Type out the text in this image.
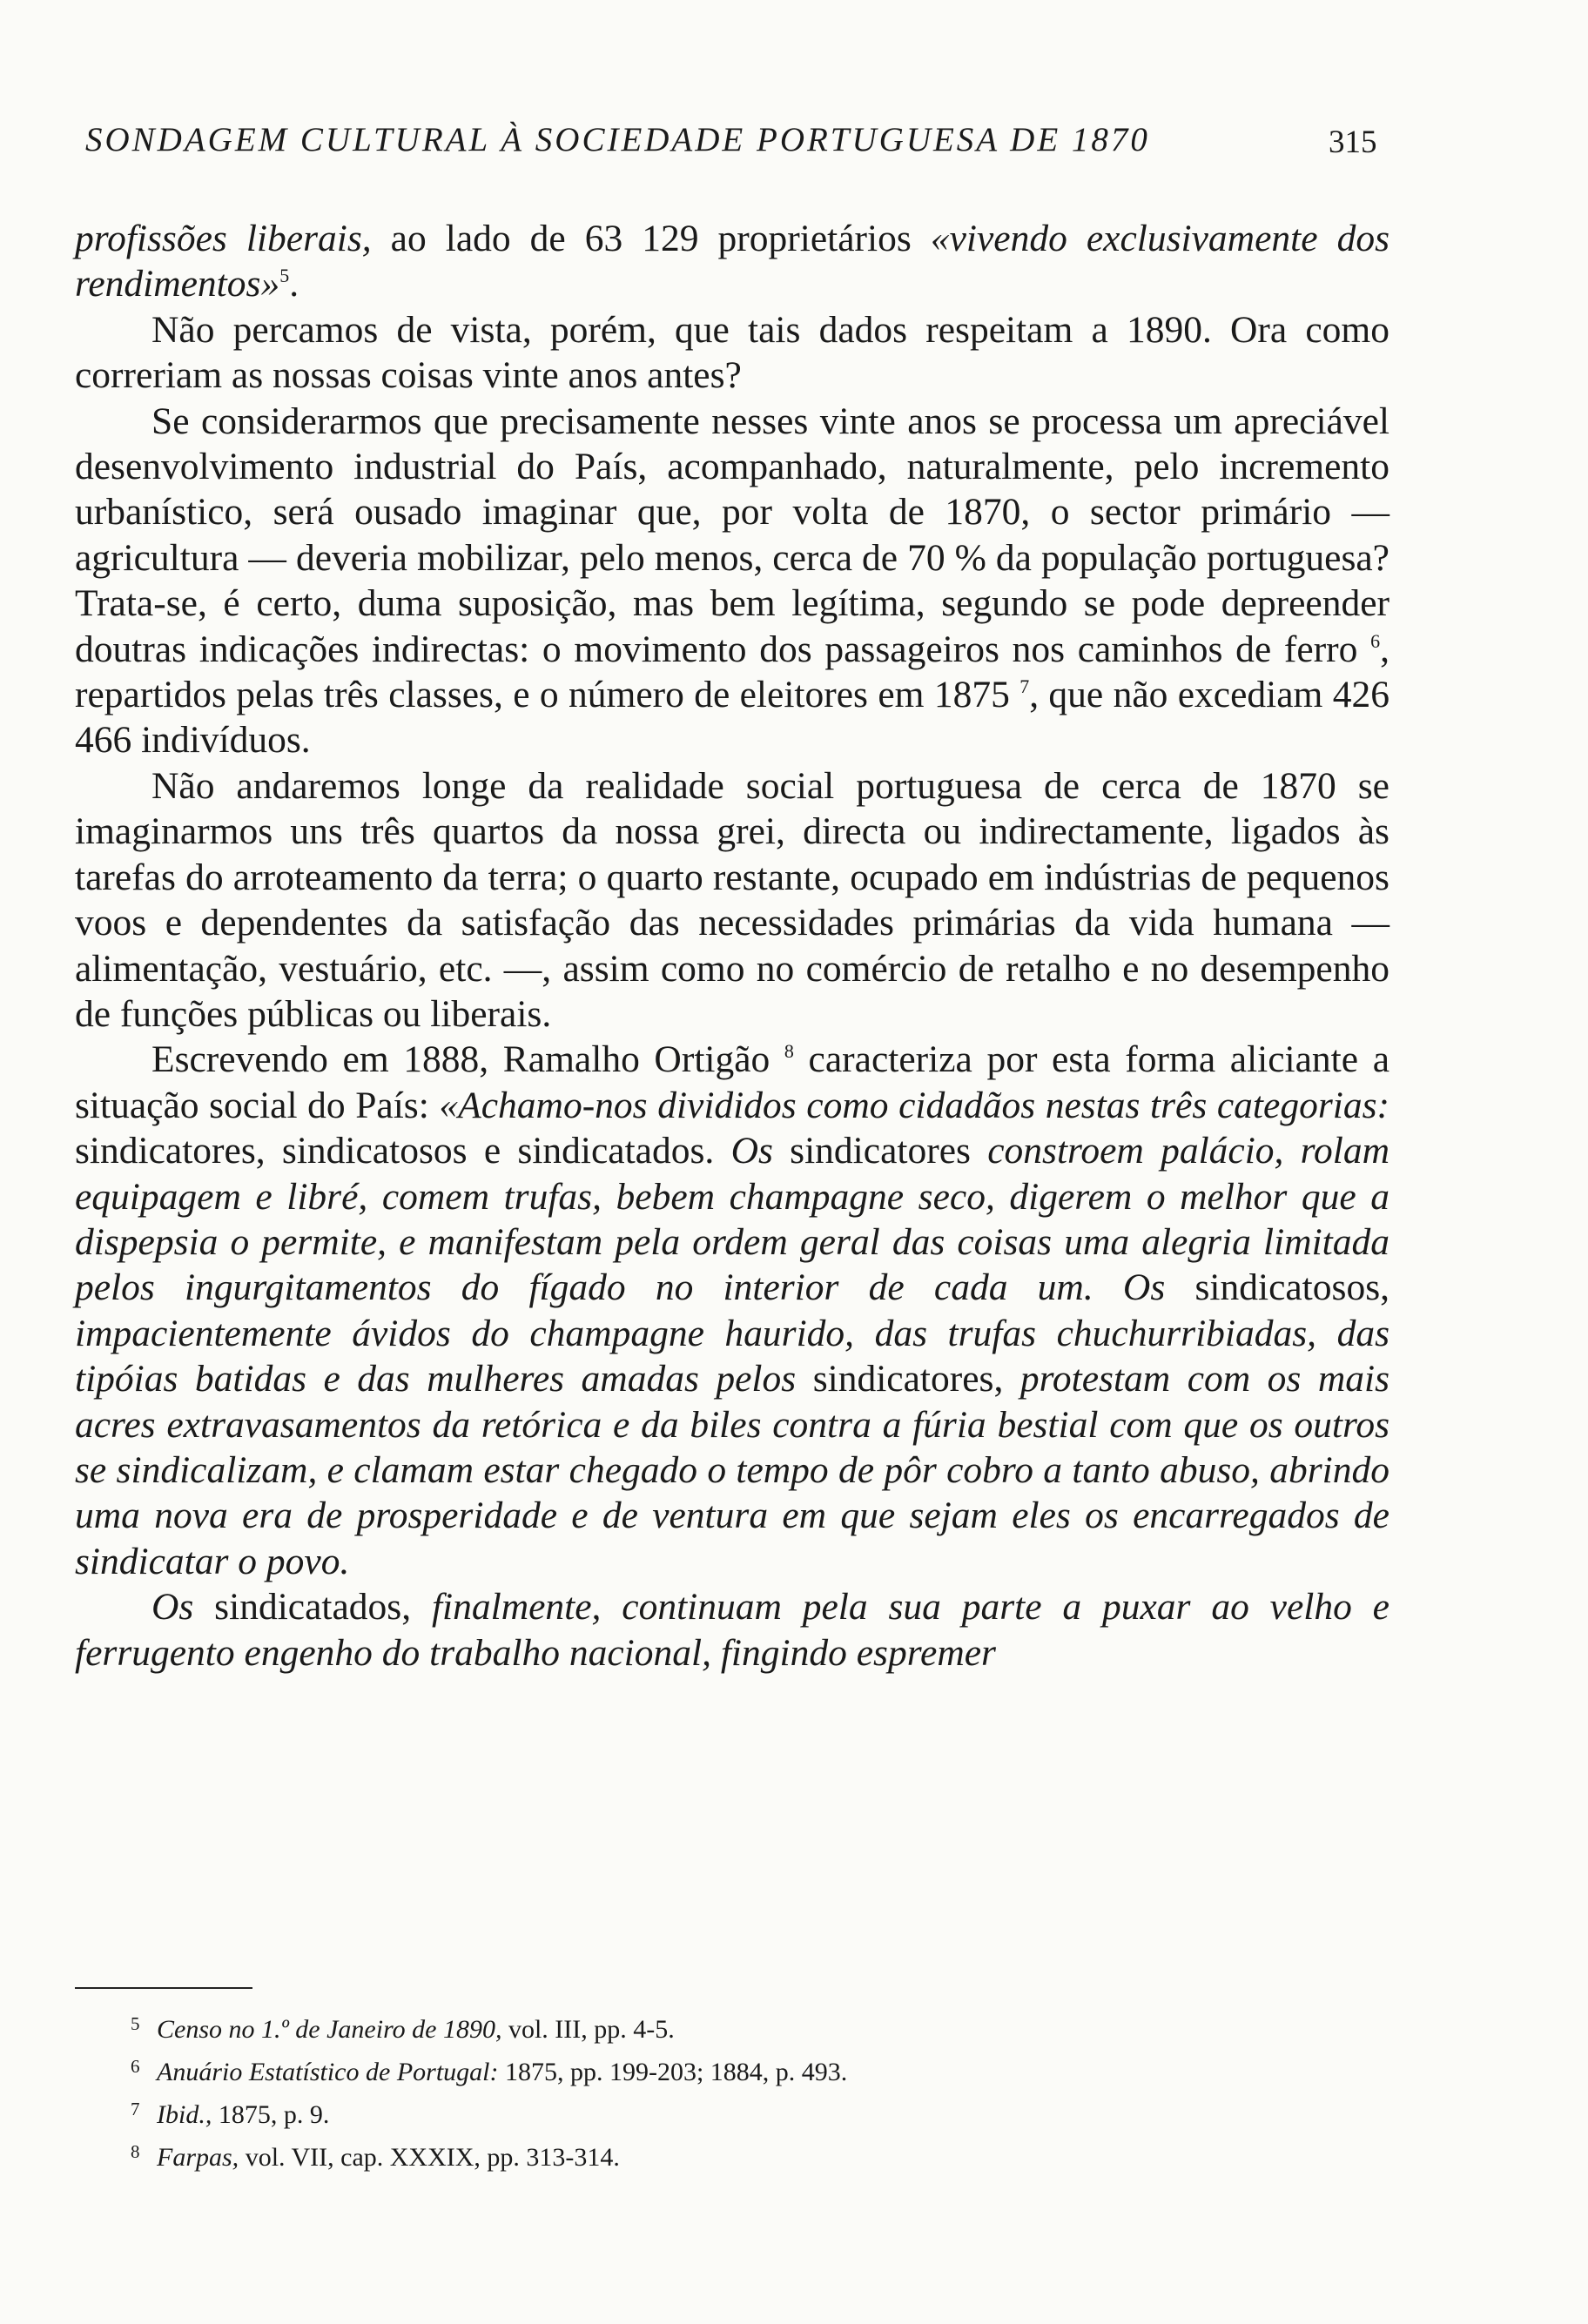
SONDAGEM CULTURAL À SOCIEDADE PORTUGUESA DE 1870	315

profissões liberais, ao lado de 63 129 proprietários «vivendo exclusivamente dos rendimentos»$^5$.

Não percamos de vista, porém, que tais dados respeitam a 1890. Ora como correriam as nossas coisas vinte anos antes?

Se considerarmos que precisamente nesses vinte anos se processa um apreciável desenvolvimento industrial do País, acompanhado, naturalmente, pelo incremento urbanístico, será ousado imaginar que, por volta de 1870, o sector primário — agricultura — deveria mobilizar, pelo menos, cerca de 70 % da população portuguesa? Trata-se, é certo, duma suposição, mas bem legítima, segundo se pode depreender doutras indicações indirectas: o movimento dos passageiros nos caminhos de ferro $^6$, repartidos pelas três classes, e o número de eleitores em 1875 $^7$, que não excediam 426 466 indivíduos.

Não andaremos longe da realidade social portuguesa de cerca de 1870 se imaginarmos uns três quartos da nossa grei, directa ou indirectamente, ligados às tarefas do arroteamento da terra; o quarto restante, ocupado em indústrias de pequenos voos e dependentes da satisfação das necessidades primárias da vida humana — alimentação, vestuário, etc. —, assim como no comércio de retalho e no desempenho de funções públicas ou liberais.

Escrevendo em 1888, Ramalho Ortigão $^8$ caracteriza por esta forma aliciante a situação social do País: «Achamo-nos divididos como cidadãos nestas três categorias: sindicatores, sindicatosos e sindicatados. Os sindicatores constroem palácio, rolam equipagem e libré, comem trufas, bebem champagne seco, digerem o melhor que a dispepsia o permite, e manifestam pela ordem geral das coisas uma alegria limitada pelos ingurgitamentos do fígado no interior de cada um. Os sindicatosos, impacientemente ávidos do champagne haurido, das trufas chuchurribiadas, das tipóias batidas e das mulheres amadas pelos sindicatores, protestam com os mais acres extravasamentos da retórica e da biles contra a fúria bestial com que os outros se sindicalizam, e clamam estar chegado o tempo de pôr cobro a tanto abuso, abrindo uma nova era de prosperidade e de ventura em que sejam eles os encarregados de sindicatar o povo.

Os sindicatados, finalmente, continuam pela sua parte a puxar ao velho e ferrugento engenho do trabalho nacional, fingindo espremer

5 Censo no 1.º de Janeiro de 1890, vol. III, pp. 4-5.
6 Anuário Estatístico de Portugal: 1875, pp. 199-203; 1884, p. 493.
7 Ibid., 1875, p. 9.
8 Farpas, vol. VII, cap. XXXIX, pp. 313-314.
